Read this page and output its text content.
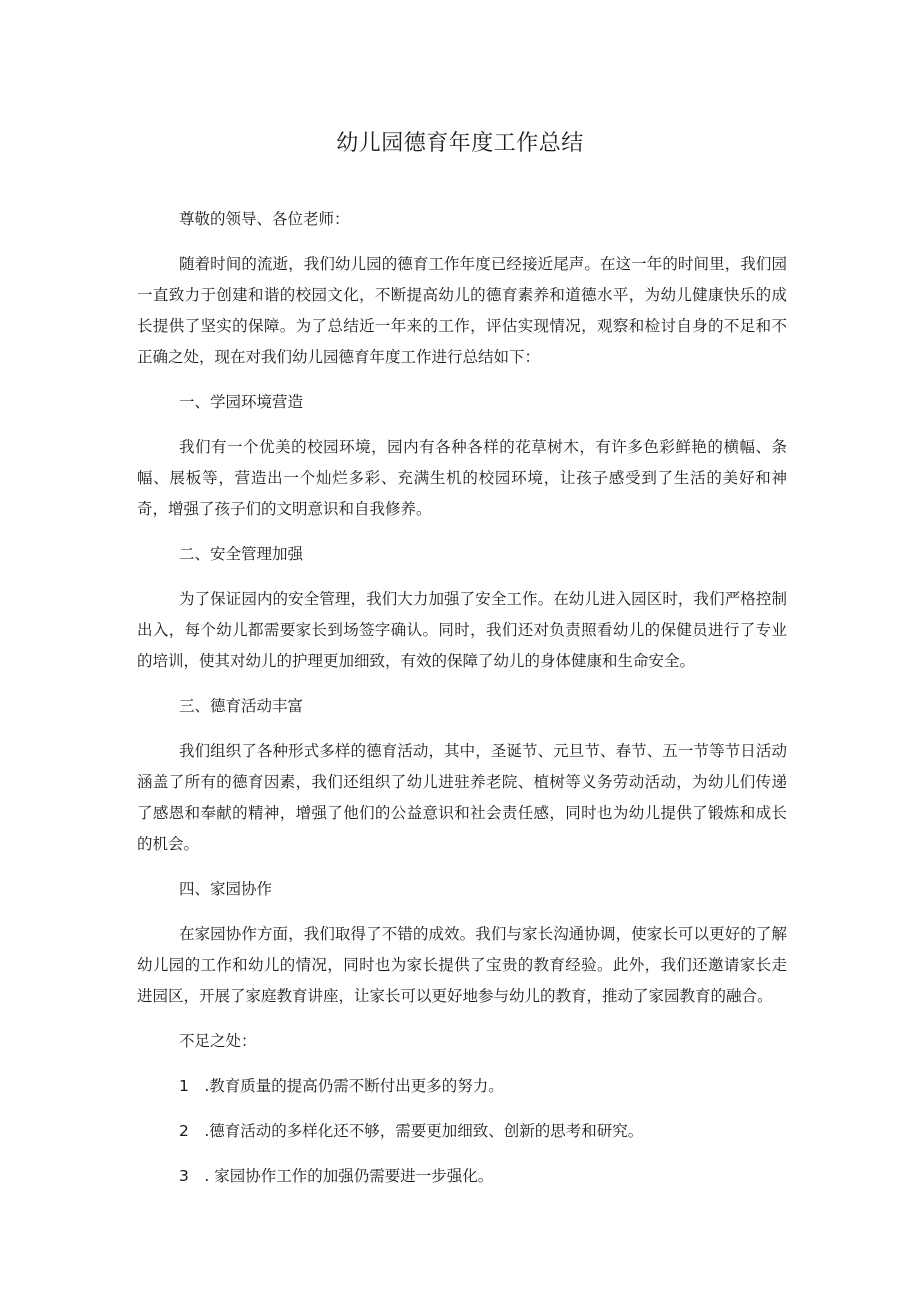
幼儿园德育年度工作总结

尊敬的领导、各位老师：

随着时间的流逝，我们幼儿园的德育工作年度已经接近尾声。在这一年的时间里，我们园一直致力于创建和谐的校园文化，不断提高幼儿的德育素养和道德水平，为幼儿健康快乐的成长提供了坚实的保障。为了总结近一年来的工作，评估实现情况，观察和检讨自身的不足和不正确之处，现在对我们幼儿园德育年度工作进行总结如下：

一、学园环境营造

我们有一个优美的校园环境，园内有各种各样的花草树木，有许多色彩鲜艳的横幅、条幅、展板等，营造出一个灿烂多彩、充满生机的校园环境，让孩子感受到了生活的美好和神奇，增强了孩子们的文明意识和自我修养。

二、安全管理加强

为了保证园内的安全管理，我们大力加强了安全工作。在幼儿进入园区时，我们严格控制出入，每个幼儿都需要家长到场签字确认。同时，我们还对负责照看幼儿的保健员进行了专业的培训，使其对幼儿的护理更加细致，有效的保障了幼儿的身体健康和生命安全。

三、德育活动丰富

我们组织了各种形式多样的德育活动，其中，圣诞节、元旦节、春节、五一节等节日活动涵盖了所有的德育因素，我们还组织了幼儿进驻养老院、植树等义务劳动活动，为幼儿们传递了感恩和奉献的精神，增强了他们的公益意识和社会责任感，同时也为幼儿提供了锻炼和成长的机会。

四、家园协作

在家园协作方面，我们取得了不错的成效。我们与家长沟通协调，使家长可以更好的了解幼儿园的工作和幼儿的情况，同时也为家长提供了宝贵的教育经验。此外，我们还邀请家长走进园区，开展了家庭教育讲座，让家长可以更好地参与幼儿的教育，推动了家园教育的融合。

不足之处：

1　.教育质量的提高仍需不断付出更多的努力。

2　.德育活动的多样化还不够，需要更加细致、创新的思考和研究。

3　. 家园协作工作的加强仍需要进一步强化。
